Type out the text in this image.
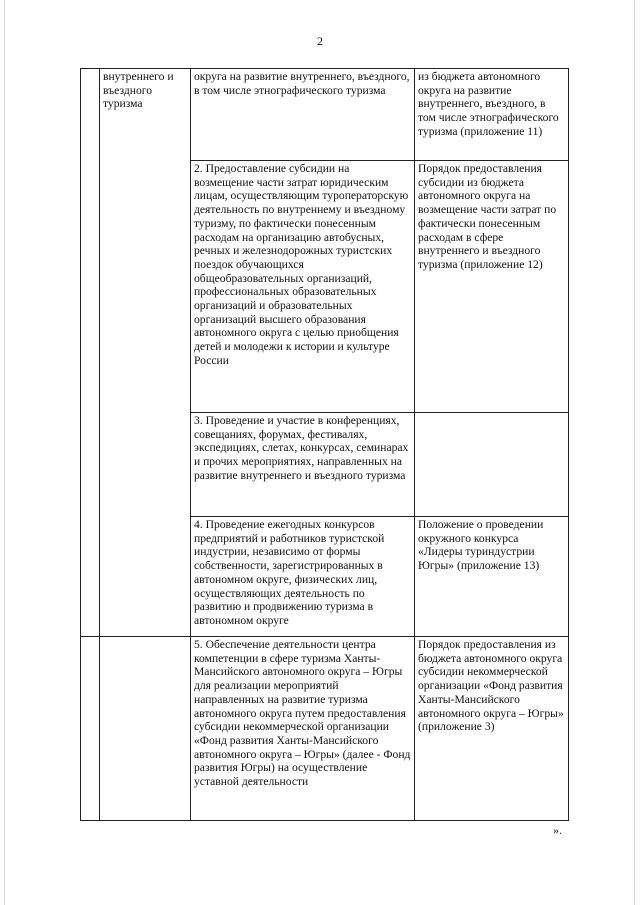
2
	внутреннего и въездного туризма	округа на развитие внутреннего, въездного, в том числе этнографического туризма	из бюджета автономного округа на развитие внутреннего, въездного, в том числе этнографического туризма (приложение 11)
		2. Предоставление субсидии на возмещение части затрат юридическим лицам, осуществляющим туроператорскую деятельность по внутреннему и въездному туризму, по фактически понесенным расходам на организацию автобусных, речных и железнодорожных туристских поездок обучающихся общеобразовательных организаций, профессиональных образовательных организаций и образовательных организаций высшего образования автономного округа с целью приобщения детей и молодежи к истории и культуре России	Порядок предоставления субсидии из бюджета автономного округа на возмещение части затрат по фактически понесенным расходам в сфере внутреннего и въездного туризма (приложение 12)
		3. Проведение и участие в конференциях, совещаниях, форумах, фестивалях, экспедициях, слетах, конкурсах, семинарах и прочих мероприятиях, направленных на развитие внутреннего и въездного туризма	
		4. Проведение ежегодных конкурсов предприятий и работников туристской индустрии, независимо от формы собственности, зарегистрированных в автономном округе, физических лиц, осуществляющих деятельность по развитию и продвижению туризма в автономном округе	Положение о проведении окружного конкурса «Лидеры туриндустрии Югры» (приложение 13)
		5. Обеспечение деятельности центра компетенции в сфере туризма Ханты-Мансийского автономного округа – Югры для реализации мероприятий направленных на развитие туризма автономного округа путем предоставления субсидии некоммерческой организации «Фонд развития Ханты-Мансийского автономного округа – Югры» (далее - Фонд развития Югры) на осуществление уставной деятельности	Порядок предоставления из бюджета автономного округа субсидии некоммерческой организации «Фонд развития Ханты-Мансийского автономного округа – Югры» (приложение 3)
».
